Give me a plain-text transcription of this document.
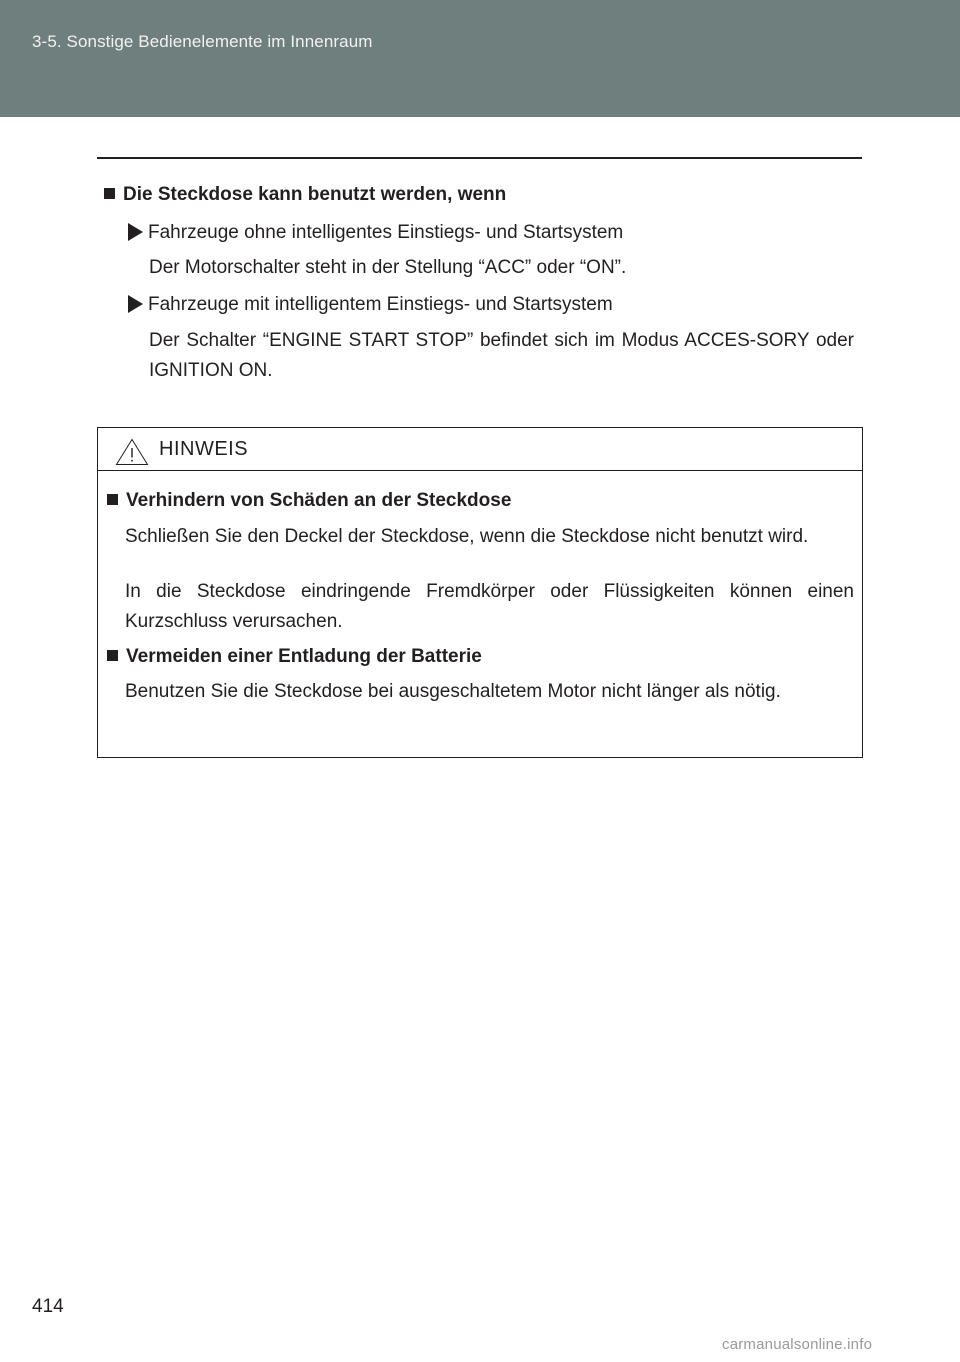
3-5. Sonstige Bedienelemente im Innenraum
Die Steckdose kann benutzt werden, wenn
Fahrzeuge ohne intelligentes Einstiegs- und Startsystem
Der Motorschalter steht in der Stellung “ACC” oder “ON”.
Fahrzeuge mit intelligentem Einstiegs- und Startsystem
Der Schalter “ENGINE START STOP” befindet sich im Modus ACCES-SORY oder IGNITION ON.
HINWEIS
Verhindern von Schäden an der Steckdose
Schließen Sie den Deckel der Steckdose, wenn die Steckdose nicht benutzt wird.
In die Steckdose eindringende Fremdkörper oder Flüssigkeiten können einen Kurzschluss verursachen.
Vermeiden einer Entladung der Batterie
Benutzen Sie die Steckdose bei ausgeschaltetem Motor nicht länger als nötig.
414
carmanualsonline.info
